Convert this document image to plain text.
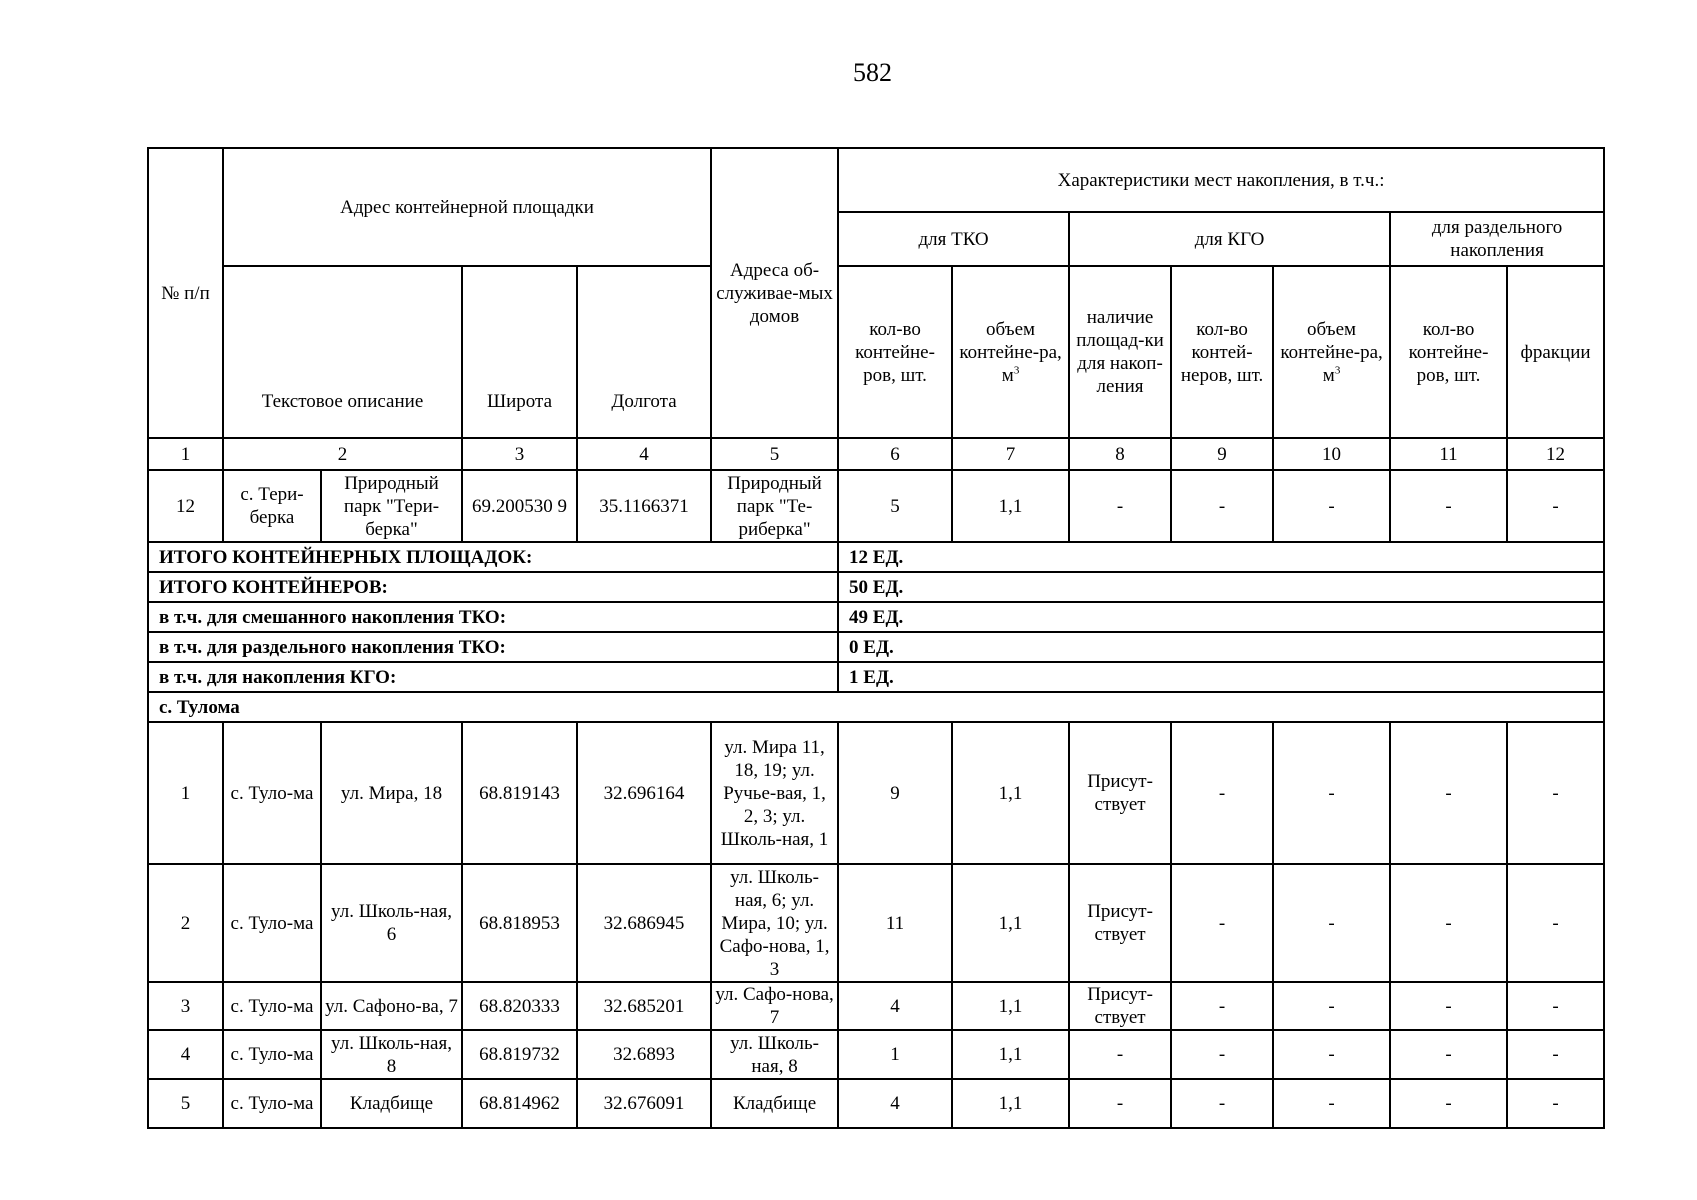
582
№ п/п	Адрес контейнерной площадки				Адреса об-служивае-мых домов	Характеристики мест накопления, в т.ч.:						
						для ТКО		для КГО			для раздельного накопления	
	Текстовое описание		Широта	Долгота		кол-во контейне-ров, шт.	объем контейне-ра, $м^3$	наличие площад-ки для накоп-ления	кол-во контей-неров, шт.	объем контейне-ра, $м^3$	кол-во контейне-ров, шт.	фракции
1	2		3	4	5	6	7	8	9	10	11	12
12	с. Тери-берка	Природный парк "Тери-берка"	69.200530 9	35.1166371	Природный парк "Те-риберка"	5	1,1	-	-	-	-	-
ИТОГО КОНТЕЙНЕРНЫХ ПЛОЩАДОК:						12 ЕД.						
ИТОГО КОНТЕЙНЕРОВ:						50 ЕД.						
в т.ч. для смешанного накопления ТКО:						49 ЕД.						
в т.ч. для раздельного накопления ТКО:						0 ЕД.						
в т.ч. для накопления КГО:						1 ЕД.						
с. Тулома												
1	с. Туло-ма	ул. Мира, 18	68.819143	32.696164	ул. Мира 11, 18, 19; ул. Ручье-вая, 1, 2, 3; ул. Школь-ная, 1	9	1,1	Присут-ствует	-	-	-	-
2	с. Туло-ма	ул. Школь-ная, 6	68.818953	32.686945	ул. Школь-ная, 6; ул. Мира, 10; ул. Сафо-нова, 1, 3	11	1,1	Присут-ствует	-	-	-	-
3	с. Туло-ма	ул. Сафоно-ва, 7	68.820333	32.685201	ул. Сафо-нова, 7	4	1,1	Присут-ствует	-	-	-	-
4	с. Туло-ма	ул. Школь-ная, 8	68.819732	32.6893	ул. Школь-ная, 8	1	1,1	-	-	-	-	-
5	с. Туло-ма	Кладбище	68.814962	32.676091	Кладбище	4	1,1	-	-	-	-	-
